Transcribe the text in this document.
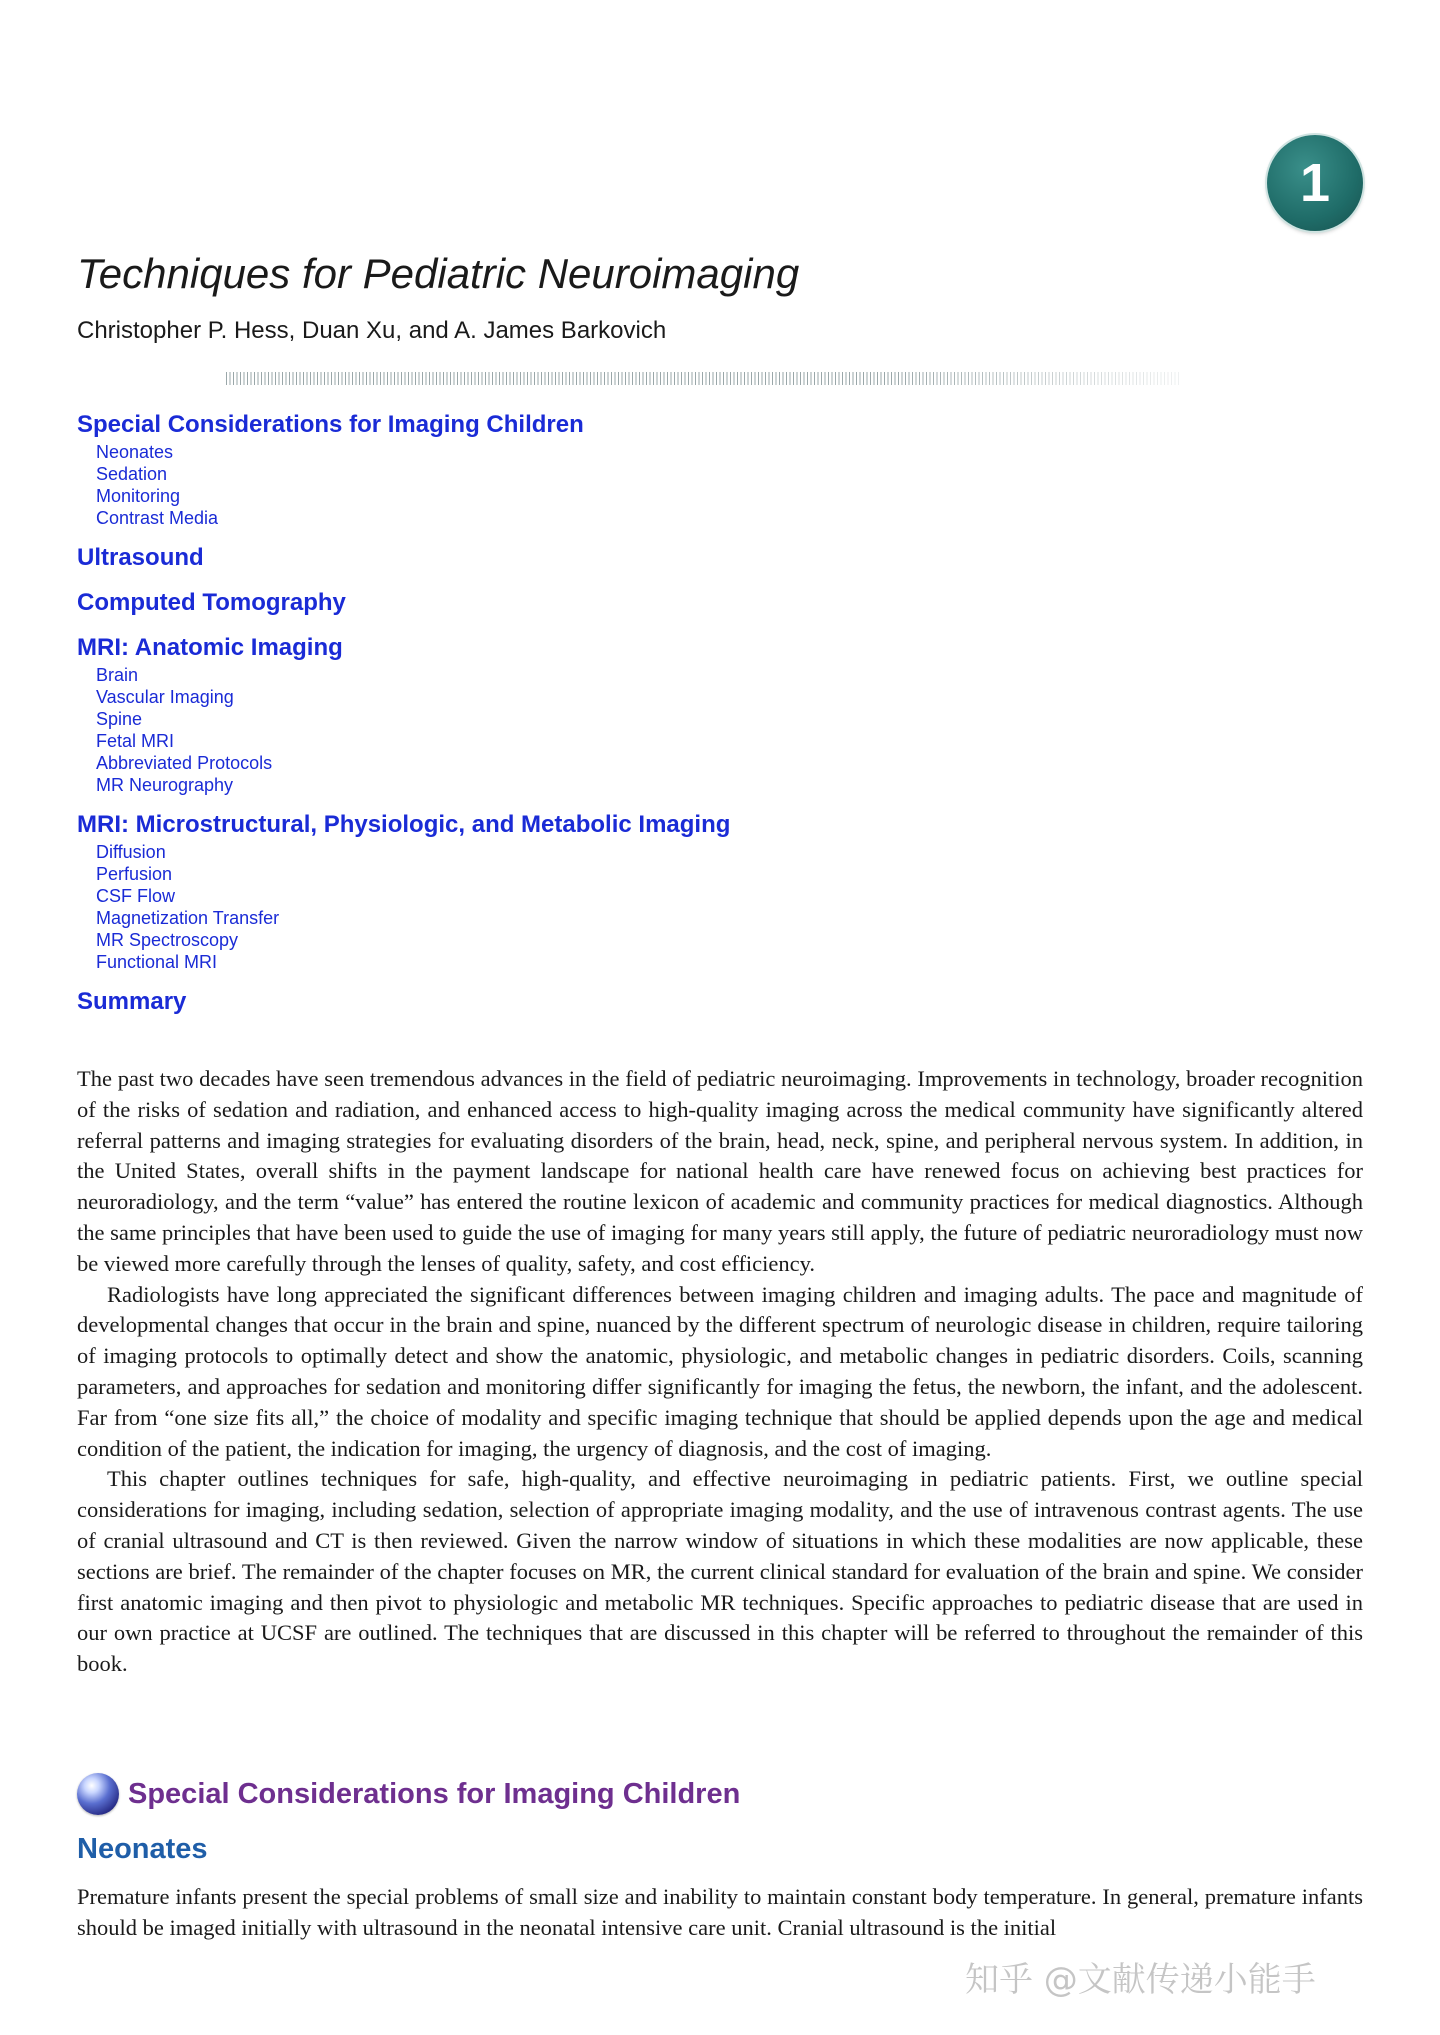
1
Techniques for Pediatric Neuroimaging
Christopher P. Hess, Duan Xu, and A. James Barkovich
Special Considerations for Imaging Children
Neonates
Sedation
Monitoring
Contrast Media
Ultrasound
Computed Tomography
MRI: Anatomic Imaging
Brain
Vascular Imaging
Spine
Fetal MRI
Abbreviated Protocols
MR Neurography
MRI: Microstructural, Physiologic, and Metabolic Imaging
Diffusion
Perfusion
CSF Flow
Magnetization Transfer
MR Spectroscopy
Functional MRI
Summary

The past two decades have seen tremendous advances in the field of pediatric neuroimaging. Improvements in technology, broader recognition of the risks of sedation and radiation, and enhanced access to high-quality imaging across the medical community have significantly altered referral patterns and imaging strategies for evaluating disorders of the brain, head, neck, spine, and peripheral nervous system. In addition, in the United States, overall shifts in the payment landscape for national health care have renewed focus on achieving best practices for neuroradiology, and the term “value” has entered the routine lexicon of academic and community practices for medical diagnostics. Although the same principles that have been used to guide the use of imaging for many years still apply, the future of pediatric neuroradiology must now be viewed more carefully through the lenses of quality, safety, and cost efficiency.

Radiologists have long appreciated the significant differences between imaging children and imaging adults. The pace and magnitude of developmental changes that occur in the brain and spine, nuanced by the different spectrum of neurologic disease in children, require tailoring of imaging protocols to optimally detect and show the anatomic, physiologic, and metabolic changes in pediatric disorders. Coils, scanning parameters, and approaches for sedation and monitoring differ significantly for imaging the fetus, the newborn, the infant, and the adolescent. Far from “one size fits all,” the choice of modality and specific imaging technique that should be applied depends upon the age and medical condition of the patient, the indication for imaging, the urgency of diagnosis, and the cost of imaging.

This chapter outlines techniques for safe, high-quality, and effective neuroimaging in pediatric patients. First, we outline special considerations for imaging, including sedation, selection of appropriate imaging modality, and the use of intravenous contrast agents. The use of cranial ultrasound and CT is then reviewed. Given the narrow window of situations in which these modalities are now applicable, these sections are brief. The remainder of the chapter focuses on MR, the current clinical standard for evaluation of the brain and spine. We consider first anatomic imaging and then pivot to physiologic and metabolic MR techniques. Specific approaches to pediatric disease that are used in our own practice at UCSF are outlined. The techniques that are discussed in this chapter will be referred to throughout the remainder of this book.

Special Considerations for Imaging Children
Neonates
Premature infants present the special problems of small size and inability to maintain constant body temperature. In general, premature infants should be imaged initially with ultrasound in the neonatal intensive care unit. Cranial ultrasound is the initial
知乎 @文献传递小能手
